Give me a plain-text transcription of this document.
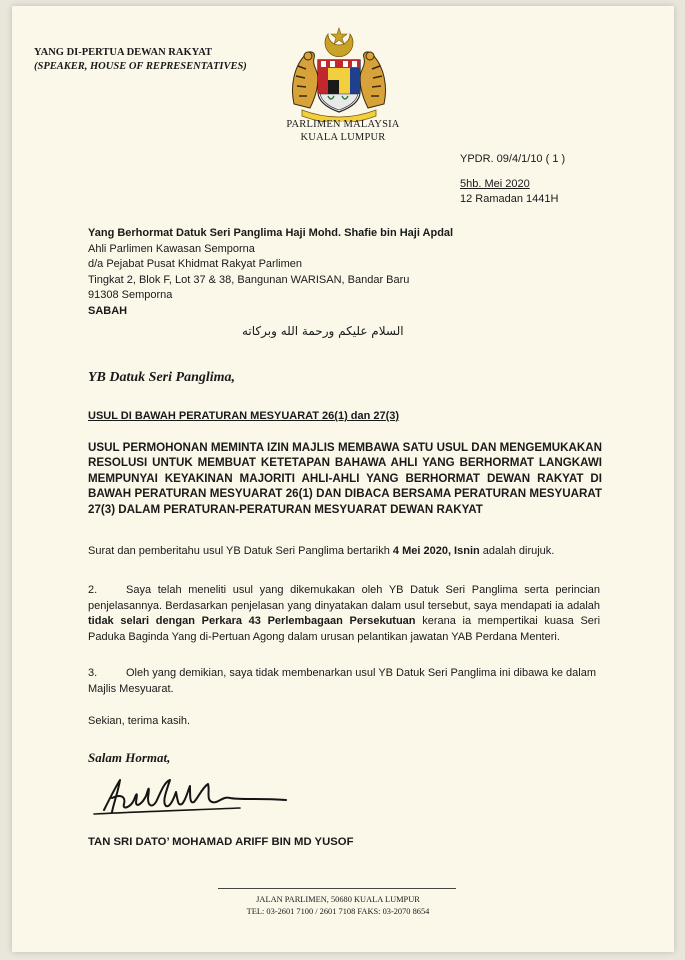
YANG DI-PERTUA DEWAN RAKYAT
(SPEAKER, HOUSE OF REPRESENTATIVES)
PARLIMEN MALAYSIA
KUALA LUMPUR
YPDR. 09/4/1/10 ( 1 )
5hb. Mei 2020
12 Ramadan 1441H
Yang Berhormat Datuk Seri Panglima Haji Mohd. Shafie bin Haji Apdal
Ahli Parlimen Kawasan Semporna
d/a Pejabat Pusat Khidmat Rakyat Parlimen
Tingkat 2, Blok F, Lot 37 & 38, Bangunan WARISAN, Bandar Baru
91308 Semporna
SABAH
السلام عليكم ورحمة الله وبركاته
YB Datuk Seri Panglima,
USUL DI BAWAH PERATURAN MESYUARAT 26(1) dan 27(3)
USUL PERMOHONAN MEMINTA IZIN MAJLIS MEMBAWA SATU USUL DAN MENGEMUKAKAN RESOLUSI UNTUK MEMBUAT KETETAPAN BAHAWA AHLI YANG BERHORMAT LANGKAWI MEMPUNYAI KEYAKINAN MAJORITI AHLI-AHLI YANG BERHORMAT DEWAN RAKYAT DI BAWAH PERATURAN MESYUARAT 26(1) DAN DIBACA BERSAMA PERATURAN MESYUARAT 27(3) DALAM PERATURAN-PERATURAN MESYUARAT DEWAN RAKYAT
Surat dan pemberitahu usul YB Datuk Seri Panglima bertarikh 4 Mei 2020, Isnin adalah dirujuk.
2.	Saya telah meneliti usul yang dikemukakan oleh YB Datuk Seri Panglima serta perincian penjelasannya. Berdasarkan penjelasan yang dinyatakan dalam usul tersebut, saya mendapati ia adalah tidak selari dengan Perkara 43 Perlembagaan Persekutuan kerana ia mempertikai kuasa Seri Paduka Baginda Yang di-Pertuan Agong dalam urusan pelantikan jawatan YAB Perdana Menteri.
3.	Oleh yang demikian, saya tidak membenarkan usul YB Datuk Seri Panglima ini dibawa ke dalam Majlis Mesyuarat.
Sekian, terima kasih.
Salam Hormat,
TAN SRI DATO’ MOHAMAD ARIFF BIN MD YUSOF
JALAN PARLIMEN, 50680 KUALA LUMPUR
TEL: 03-2601 7100 / 2601 7108 FAKS: 03-2070 8654
